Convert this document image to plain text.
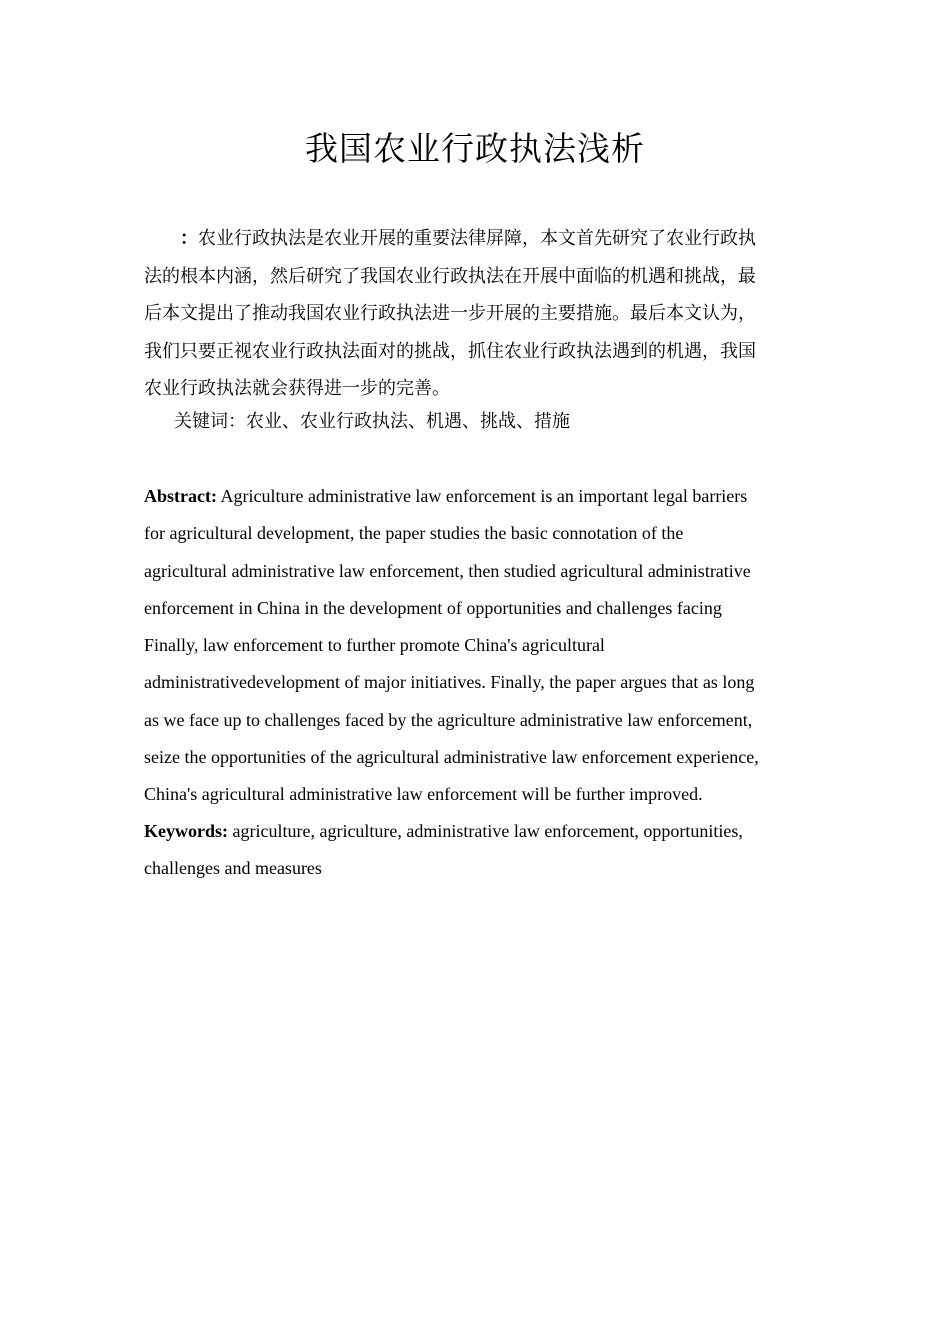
我国农业行政执法浅析
：农业行政执法是农业开展的重要法律屏障，本文首先研究了农业行政执
法的根本内涵，然后研究了我国农业行政执法在开展中面临的机遇和挑战，最
后本文提出了推动我国农业行政执法进一步开展的主要措施。最后本文认为，
我们只要正视农业行政执法面对的挑战，抓住农业行政执法遇到的机遇，我国
农业行政执法就会获得进一步的完善。
关键词：农业、农业行政执法、机遇、挑战、措施
Abstract: Agriculture administrative law enforcement is an important legal barriers
for agricultural development, the paper studies the basic connotation of the
agricultural administrative law enforcement, then studied agricultural administrative
enforcement in China in the development of opportunities and challenges facing
Finally, law enforcement to further promote China's agricultural
administrativedevelopment of major initiatives. Finally, the paper argues that as long
as we face up to challenges faced by the agriculture administrative law enforcement,
seize the opportunities of the agricultural administrative law enforcement experience,
China's agricultural administrative law enforcement will be further improved.
Keywords: agriculture, agriculture, administrative law enforcement, opportunities,
challenges and measures
